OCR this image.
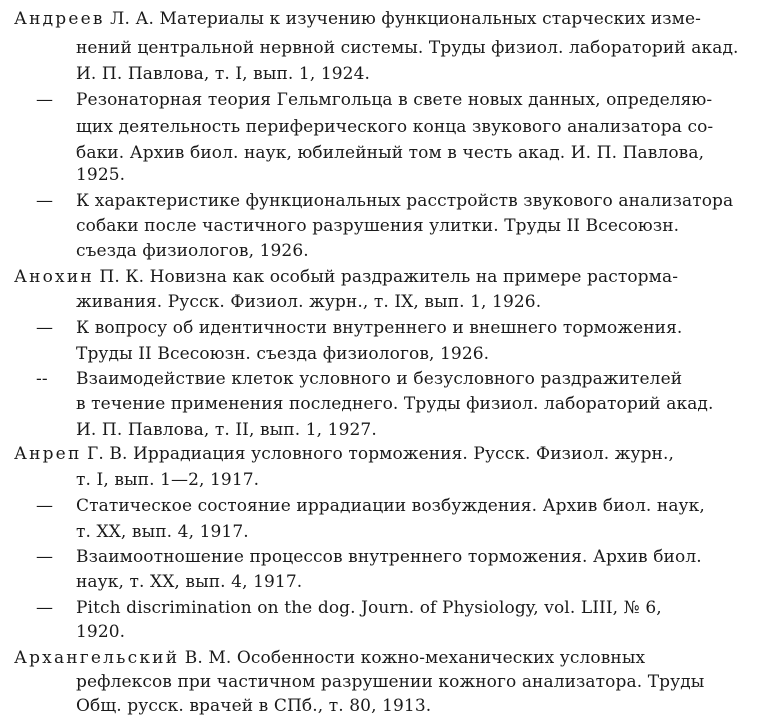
Андреев Л. А. Материалы к изучению функциональных старческих изме-
нений центральной нервной системы. Труды физиол. лабораторий акад.
И. П. Павлова, т. I, вып. 1, 1924.
— Резонаторная теория Гельмгольца в свете новых данных, определяю-
щих деятельность периферического конца звукового анализатора со-
баки. Архив биол. наук, юбилейный том в честь акад. И. П. Павлова,
1925.
— К характеристике функциональных расстройств звукового анализатора
собаки после частичного разрушения улитки. Труды II Всесоюзн.
съезда физиологов, 1926.
Анохин П. К. Новизна как особый раздражитель на примере растормa-
живания. Русск. Физиол. журн., т. IX, вып. 1, 1926.
— К вопросу об идентичности внутреннего и внешнего торможения.
Труды II Всесоюзн. съезда физиологов, 1926.
-- Взаимодействие клеток условного и безусловного раздражителей
в течение применения последнего. Труды физиол. лабораторий акад.
И. П. Павлова, т. II, вып. 1, 1927.
Анреп Г. В. Иррадиация условного торможения. Русск. Физиол. журн.,
т. I, вып. 1—2, 1917.
— Статическое состояние иррадиации возбуждения. Архив биол. наук,
т. XX, вып. 4, 1917.
— Взаимоотношение процессов внутреннего торможения. Архив биол.
наук, т. XX, вып. 4, 1917.
— Pitch discrimination on the dog. Journ. of Physiology, vol. LIII, № 6,
1920.
Архангельский В. М. Особенности кожно-механических условных
рефлексов при частичном разрушении кожного анализатора. Труды
Общ. русск. врачей в СПб., т. 80, 1913.
